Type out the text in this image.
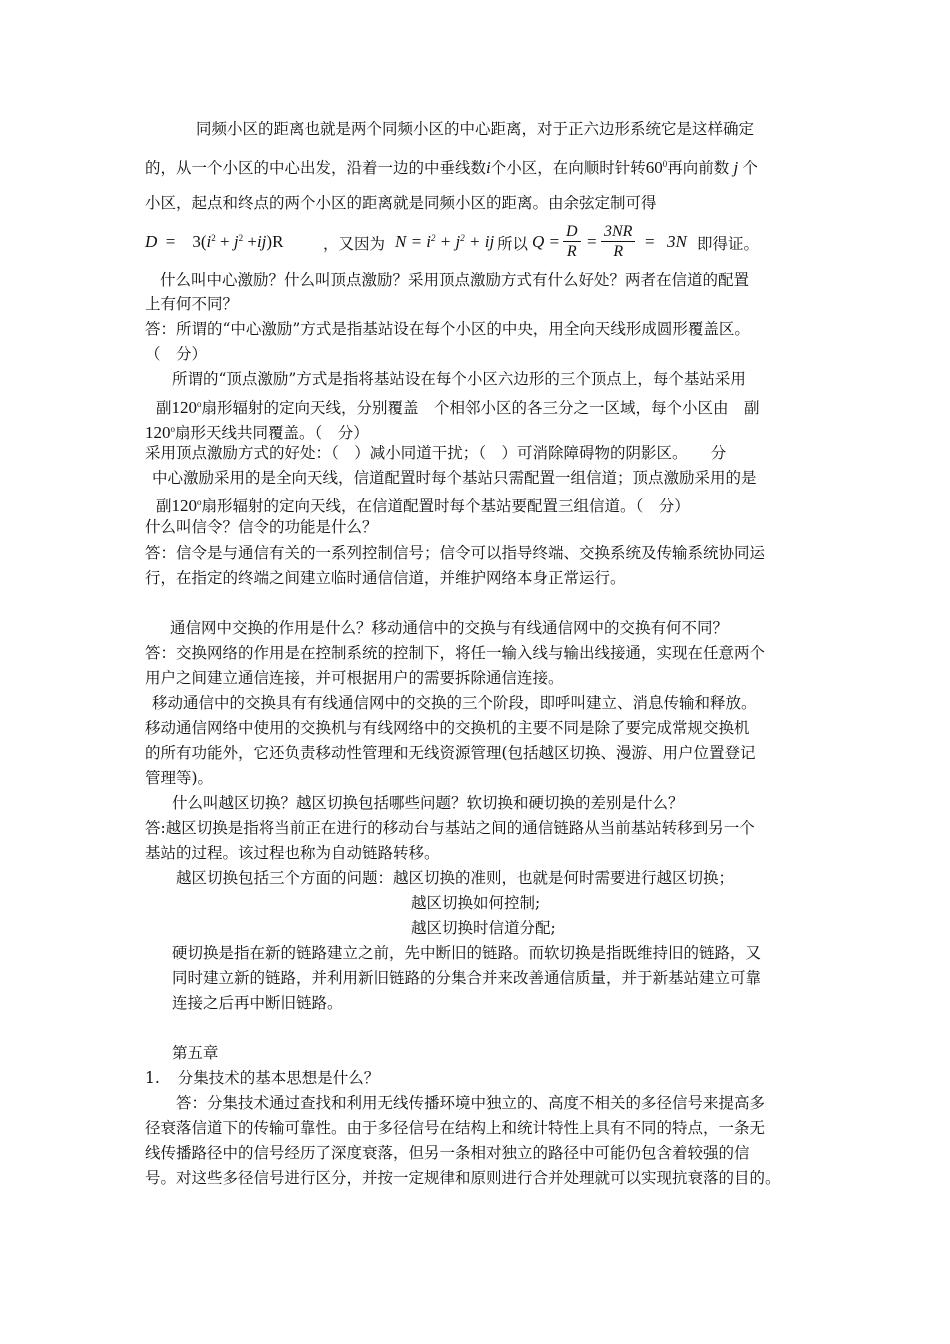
同频小区的距离也就是两个同频小区的中心距离，对于正六边形系统它是这样确定
的，从一个小区的中心出发，沿着一边的中垂线数i个小区，在向顺时针转$60^0$再向前数 j 个
小区，起点和终点的两个小区的距离就是同频小区的距离。由余弦定制可得
$D = 3(i^2 + j^2 +ij)R$	，又因为 $N = i^2 + j^2$ + ij 所以 $Q = \frac{D}{R} = \frac{3NR}{R} = 3N$ 即得证。
什么叫中心激励？什么叫顶点激励？采用顶点激励方式有什么好处？两者在信道的配置
上有何不同？
答：所谓的“中心激励”方式是指基站设在每个小区的中央，用全向天线形成圆形覆盖区。
（　分）
所谓的“顶点激励”方式是指将基站设在每个小区六边形的三个顶点上，每个基站采用
副120$^o$扇形辐射的定向天线，分别覆盖　个相邻小区的各三分之一区域，每个小区由　副
120$^o$扇形天线共同覆盖。（　分）
采用顶点激励方式的好处：（　）减小同道干扰；（　）可消除障碍物的阴影区。　　分
中心激励采用的是全向天线，信道配置时每个基站只需配置一组信道；顶点激励采用的是
副120$^o$扇形辐射的定向天线，在信道配置时每个基站要配置三组信道。（　分）
什么叫信令？信令的功能是什么？
答：信令是与通信有关的一系列控制信号；信令可以指导终端、交换系统及传输系统协同运
行，在指定的终端之间建立临时通信信道，并维护网络本身正常运行。
通信网中交换的作用是什么？移动通信中的交换与有线通信网中的交换有何不同？
答：交换网络的作用是在控制系统的控制下，将任一输入线与输出线接通，实现在任意两个
用户之间建立通信连接，并可根据用户的需要拆除通信连接。
移动通信中的交换具有有线通信网中的交换的三个阶段，即呼叫建立、消息传输和释放。
移动通信网络中使用的交换机与有线网络中的交换机的主要不同是除了要完成常规交换机
的所有功能外，它还负责移动性管理和无线资源管理(包括越区切换、漫游、用户位置登记
管理等)。
什么叫越区切换？越区切换包括哪些问题？软切换和硬切换的差别是什么？
答:越区切换是指将当前正在进行的移动台与基站之间的通信链路从当前基站转移到另一个
基站的过程。该过程也称为自动链路转移。
越区切换包括三个方面的问题：越区切换的准则，也就是何时需要进行越区切换；
越区切换如何控制;
越区切换时信道分配;
硬切换是指在新的链路建立之前，先中断旧的链路。而软切换是指既维持旧的链路，又
同时建立新的链路，并利用新旧链路的分集合并来改善通信质量，并于新基站建立可靠
连接之后再中断旧链路。
第五章
1. 分集技术的基本思想是什么？
答：分集技术通过查找和利用无线传播环境中独立的、高度不相关的多径信号来提高多
径衰落信道下的传输可靠性。由于多径信号在结构上和统计特性上具有不同的特点，一条无
线传播路径中的信号经历了深度衰落，但另一条相对独立的路径中可能仍包含着较强的信
号。对这些多径信号进行区分，并按一定规律和原则进行合并处理就可以实现抗衰落的目的。
